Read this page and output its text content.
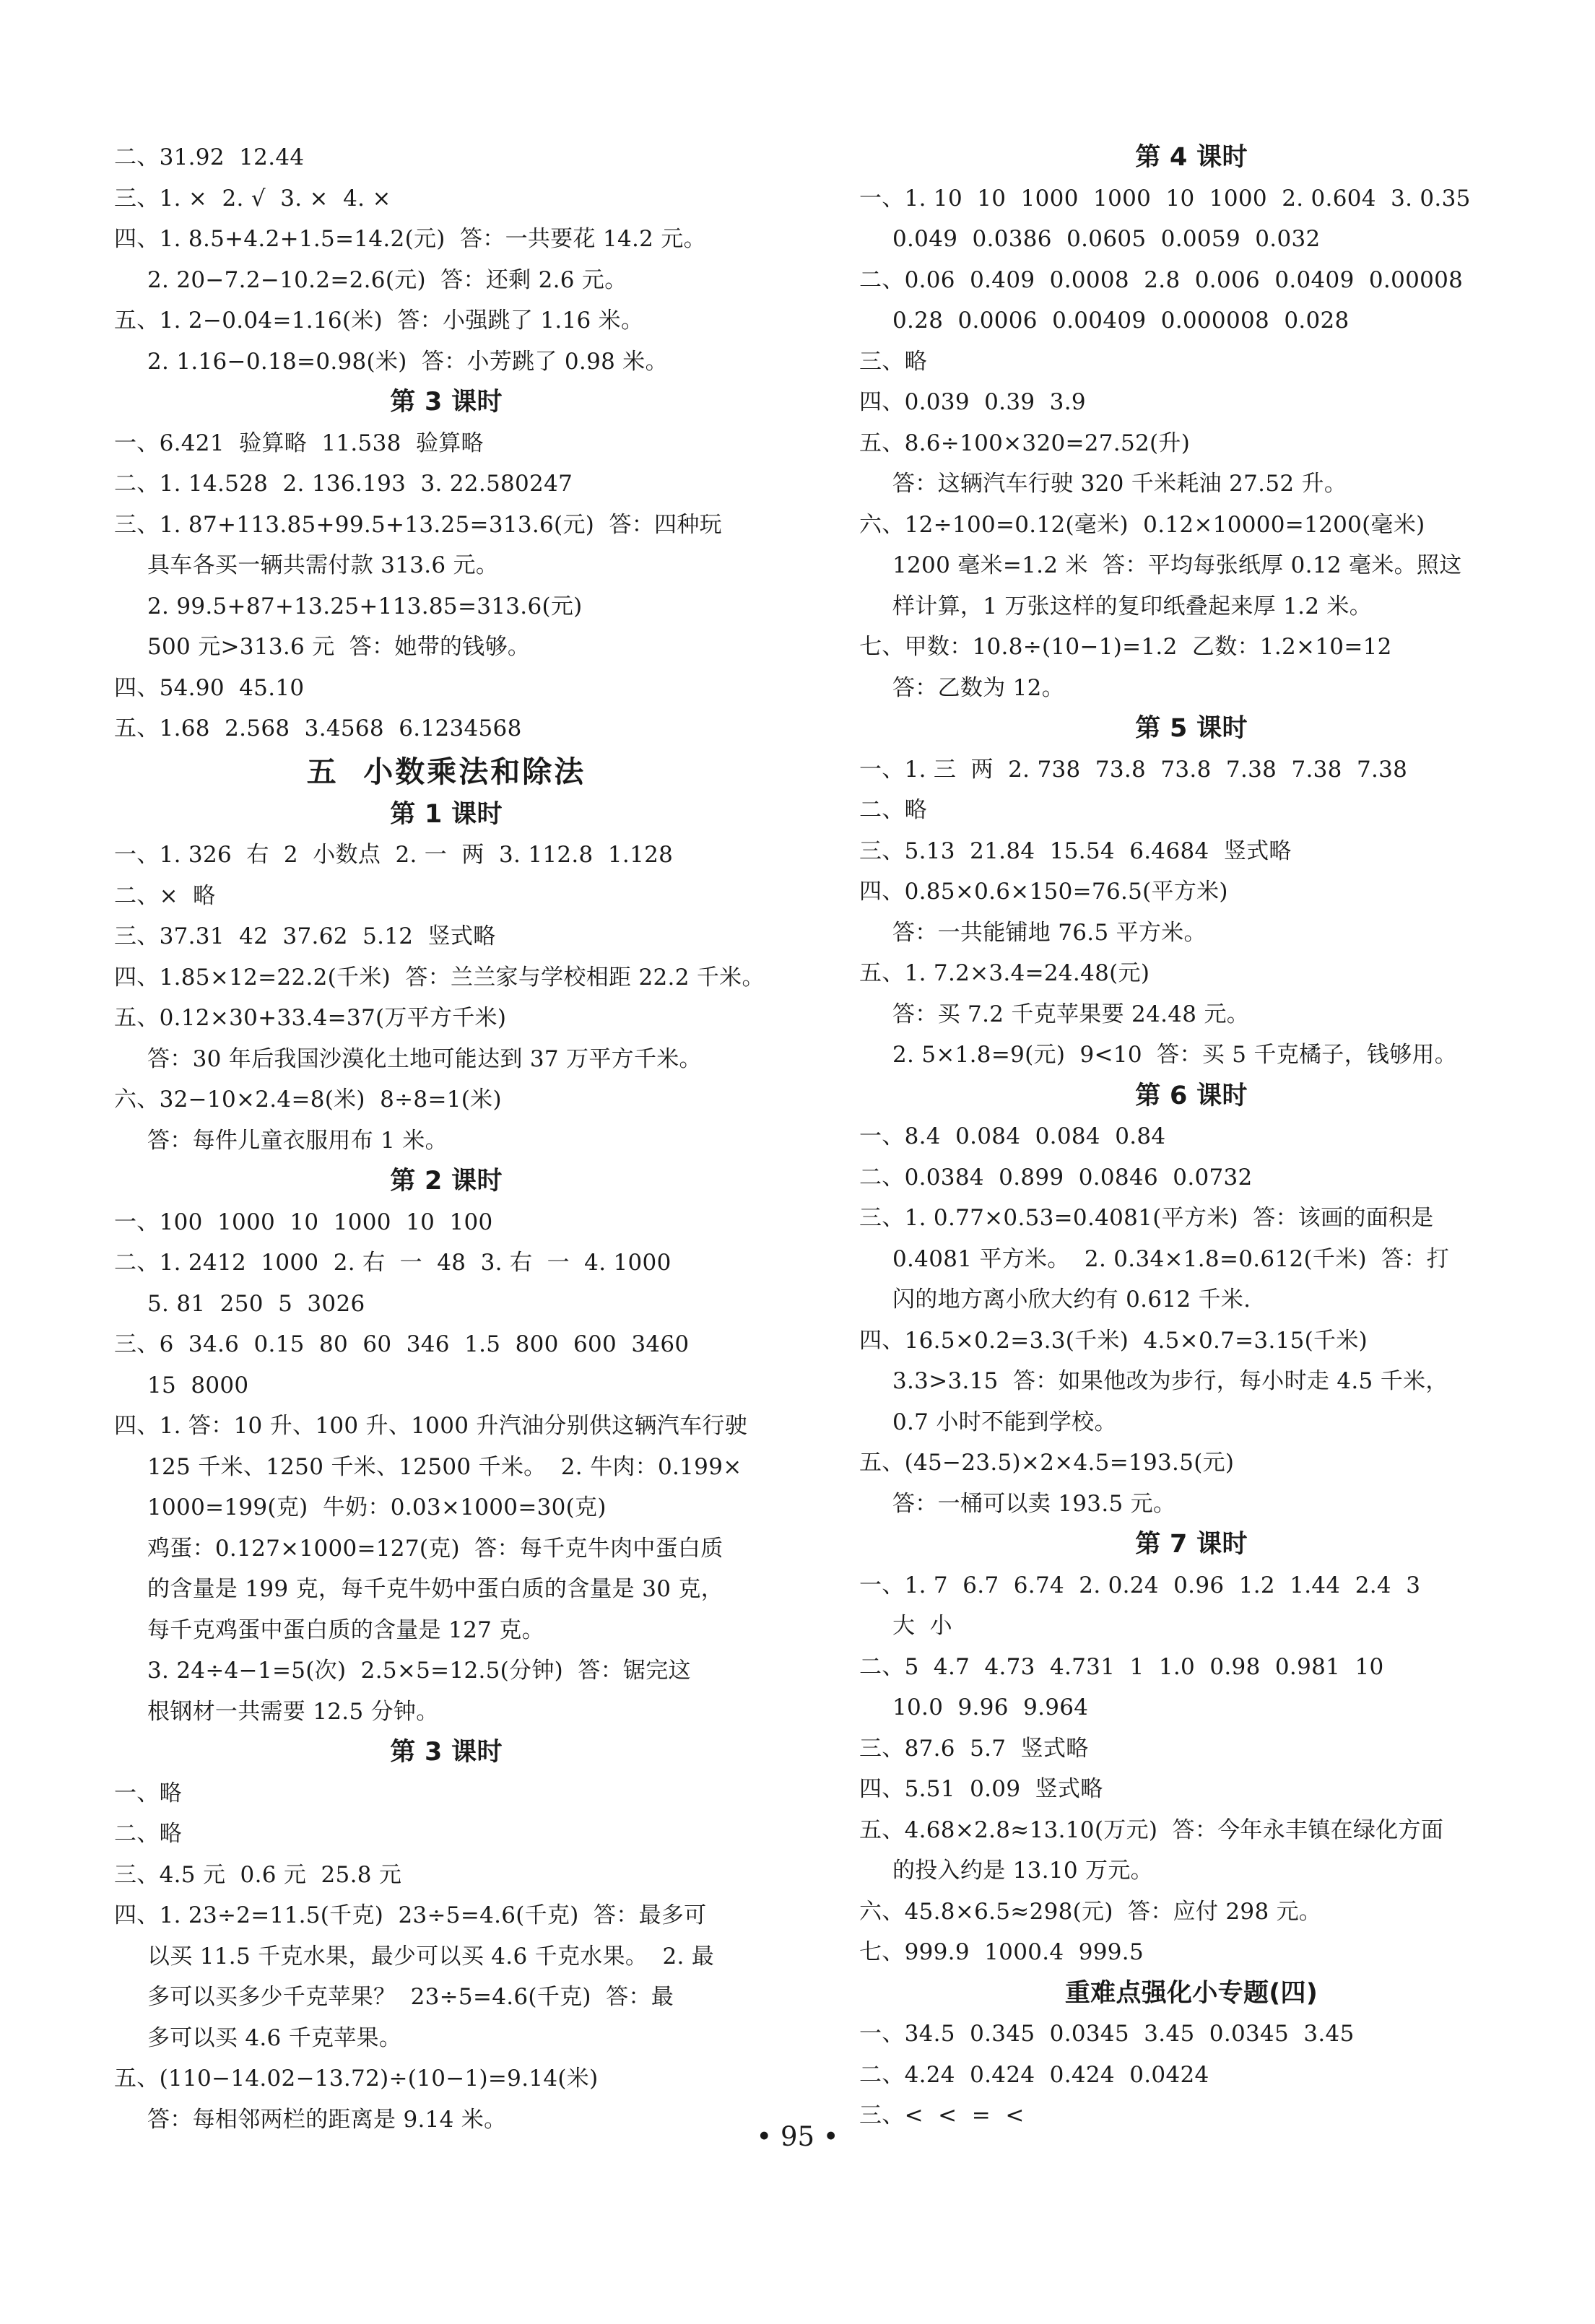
二、31.92  12.44
三、1. ×  2. √  3. ×  4. ×
四、1. 8.5+4.2+1.5=14.2(元)  答：一共要花 14.2 元。
2. 20−7.2−10.2=2.6(元)  答：还剩 2.6 元。
五、1. 2−0.04=1.16(米)  答：小强跳了 1.16 米。
2. 1.16−0.18=0.98(米)  答：小芳跳了 0.98 米。
第 3 课时
一、6.421  验算略  11.538  验算略
二、1. 14.528  2. 136.193  3. 22.580247
三、1. 87+113.85+99.5+13.25=313.6(元)  答：四种玩
具车各买一辆共需付款 313.6 元。
2. 99.5+87+13.25+113.85=313.6(元)
500 元>313.6 元  答：她带的钱够。
四、54.90  45.10
五、1.68  2.568  3.4568  6.1234568
五  小数乘法和除法
第 1 课时
一、1. 326  右  2  小数点  2. 一  两  3. 112.8  1.128
二、×  略
三、37.31  42  37.62  5.12  竖式略
四、1.85×12=22.2(千米)  答：兰兰家与学校相距 22.2 千米。
五、0.12×30+33.4=37(万平方千米)
答：30 年后我国沙漠化土地可能达到 37 万平方千米。
六、32−10×2.4=8(米)  8÷8=1(米)
答：每件儿童衣服用布 1 米。
第 2 课时
一、100  1000  10  1000  10  100
二、1. 2412  1000  2. 右  一  48  3. 右  一  4. 1000
5. 81  250  5  3026
三、6  34.6  0.15  80  60  346  1.5  800  600  3460
15  8000
四、1. 答：10 升、100 升、1000 升汽油分别供这辆汽车行驶
125 千米、1250 千米、12500 千米。  2. 牛肉：0.199×
1000=199(克)  牛奶：0.03×1000=30(克)
鸡蛋：0.127×1000=127(克)  答：每千克牛肉中蛋白质
的含量是 199 克，每千克牛奶中蛋白质的含量是 30 克，
每千克鸡蛋中蛋白质的含量是 127 克。
3. 24÷4−1=5(次)  2.5×5=12.5(分钟)  答：锯完这
根钢材一共需要 12.5 分钟。
第 3 课时
一、略
二、略
三、4.5 元  0.6 元  25.8 元
四、1. 23÷2=11.5(千克)  23÷5=4.6(千克)  答：最多可
以买 11.5 千克水果，最少可以买 4.6 千克水果。  2. 最
多可以买多少千克苹果？  23÷5=4.6(千克)  答：最
多可以买 4.6 千克苹果。
五、(110−14.02−13.72)÷(10−1)=9.14(米)
答：每相邻两栏的距离是 9.14 米。
第 4 课时
一、1. 10  10  1000  1000  10  1000  2. 0.604  3. 0.35
0.049  0.0386  0.0605  0.0059  0.032
二、0.06  0.409  0.0008  2.8  0.006  0.0409  0.00008
0.28  0.0006  0.00409  0.000008  0.028
三、略
四、0.039  0.39  3.9
五、8.6÷100×320=27.52(升)
答：这辆汽车行驶 320 千米耗油 27.52 升。
六、12÷100=0.12(毫米)  0.12×10000=1200(毫米)
1200 毫米=1.2 米  答：平均每张纸厚 0.12 毫米。照这
样计算，1 万张这样的复印纸叠起来厚 1.2 米。
七、甲数：10.8÷(10−1)=1.2  乙数：1.2×10=12
答：乙数为 12。
第 5 课时
一、1. 三  两  2. 738  73.8  73.8  7.38  7.38  7.38
二、略
三、5.13  21.84  15.54  6.4684  竖式略
四、0.85×0.6×150=76.5(平方米)
答：一共能铺地 76.5 平方米。
五、1. 7.2×3.4=24.48(元)
答：买 7.2 千克苹果要 24.48 元。
2. 5×1.8=9(元)  9<10  答：买 5 千克橘子，钱够用。
第 6 课时
一、8.4  0.084  0.084  0.84
二、0.0384  0.899  0.0846  0.0732
三、1. 0.77×0.53=0.4081(平方米)  答：该画的面积是
0.4081 平方米。  2. 0.34×1.8=0.612(千米)  答：打
闪的地方离小欣大约有 0.612 千米.
四、16.5×0.2=3.3(千米)  4.5×0.7=3.15(千米)
3.3>3.15  答：如果他改为步行，每小时走 4.5 千米，
0.7 小时不能到学校。
五、(45−23.5)×2×4.5=193.5(元)
答：一桶可以卖 193.5 元。
第 7 课时
一、1. 7  6.7  6.74  2. 0.24  0.96  1.2  1.44  2.4  3
大  小
二、5  4.7  4.73  4.731  1  1.0  0.98  0.981  10
10.0  9.96  9.964
三、87.6  5.7  竖式略
四、5.51  0.09  竖式略
五、4.68×2.8≈13.10(万元)  答：今年永丰镇在绿化方面
的投入约是 13.10 万元。
六、45.8×6.5≈298(元)  答：应付 298 元。
七、999.9  1000.4  999.5
重难点强化小专题(四)
一、34.5  0.345  0.0345  3.45  0.0345  3.45
二、4.24  0.424  0.424  0.0424
三、<  <  =  <
• 95 •
